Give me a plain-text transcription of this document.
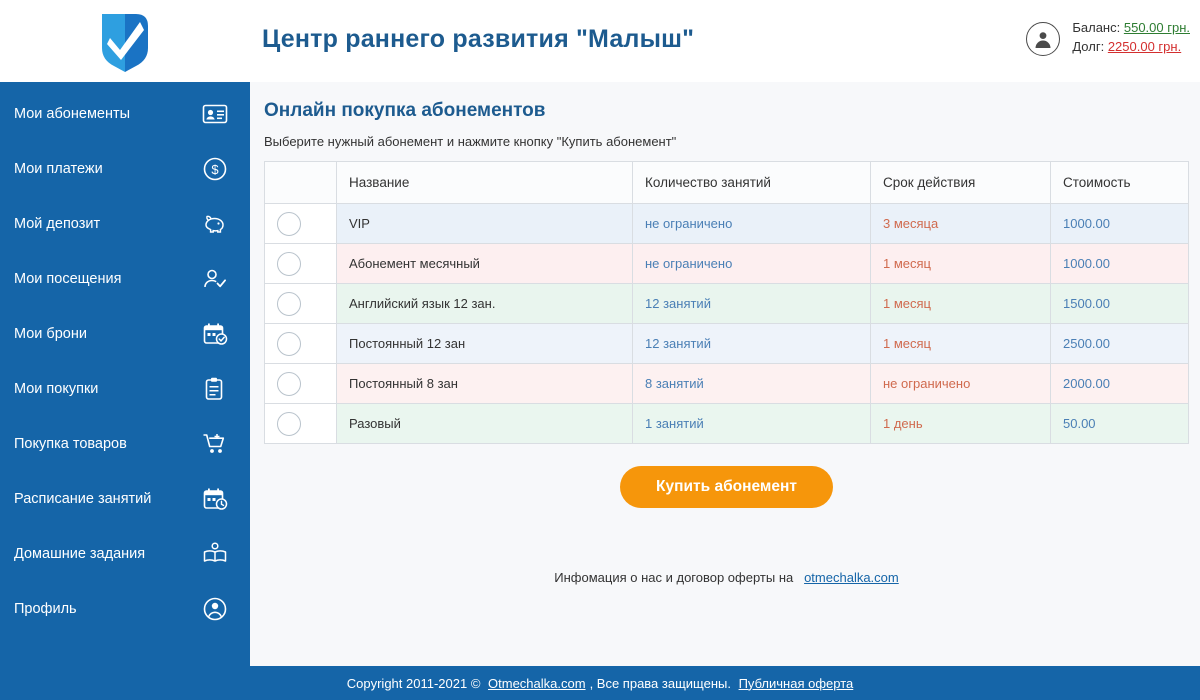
Центр раннего развития "Малыш"	Баланс: 550.00 грн.
Долг: 2250.00 грн.
Мои абонементы
Мои платежи	$
Мой депозит
Мои посещения
Мои брони
Мои покупки
Покупка товаров
Расписание занятий
Домашние задания
Профиль
Онлайн покупка абонементов
Выберите нужный абонемент и нажмите кнопку "Купить абонемент"
	Название	Количество занятий	Срок действия	Стоимость
	VIP	не ограничено	3 месяца	1000.00
	Абонемент месячный	не ограничено	1 месяц	1000.00
	Английский язык 12 зан.	12 занятий	1 месяц	1500.00
	Постоянный 12 зан	12 занятий	1 месяц	2500.00
	Постоянный 8 зан	8 занятий	не ограничено	2000.00
	Разовый	1 занятий	1 день	50.00
Купить абонемент
Инфомация о нас и договор оферты на otmechalka.com
Copyright 2011-2021 © Otmechalka.com , Все права защищены. Публичная оферта
